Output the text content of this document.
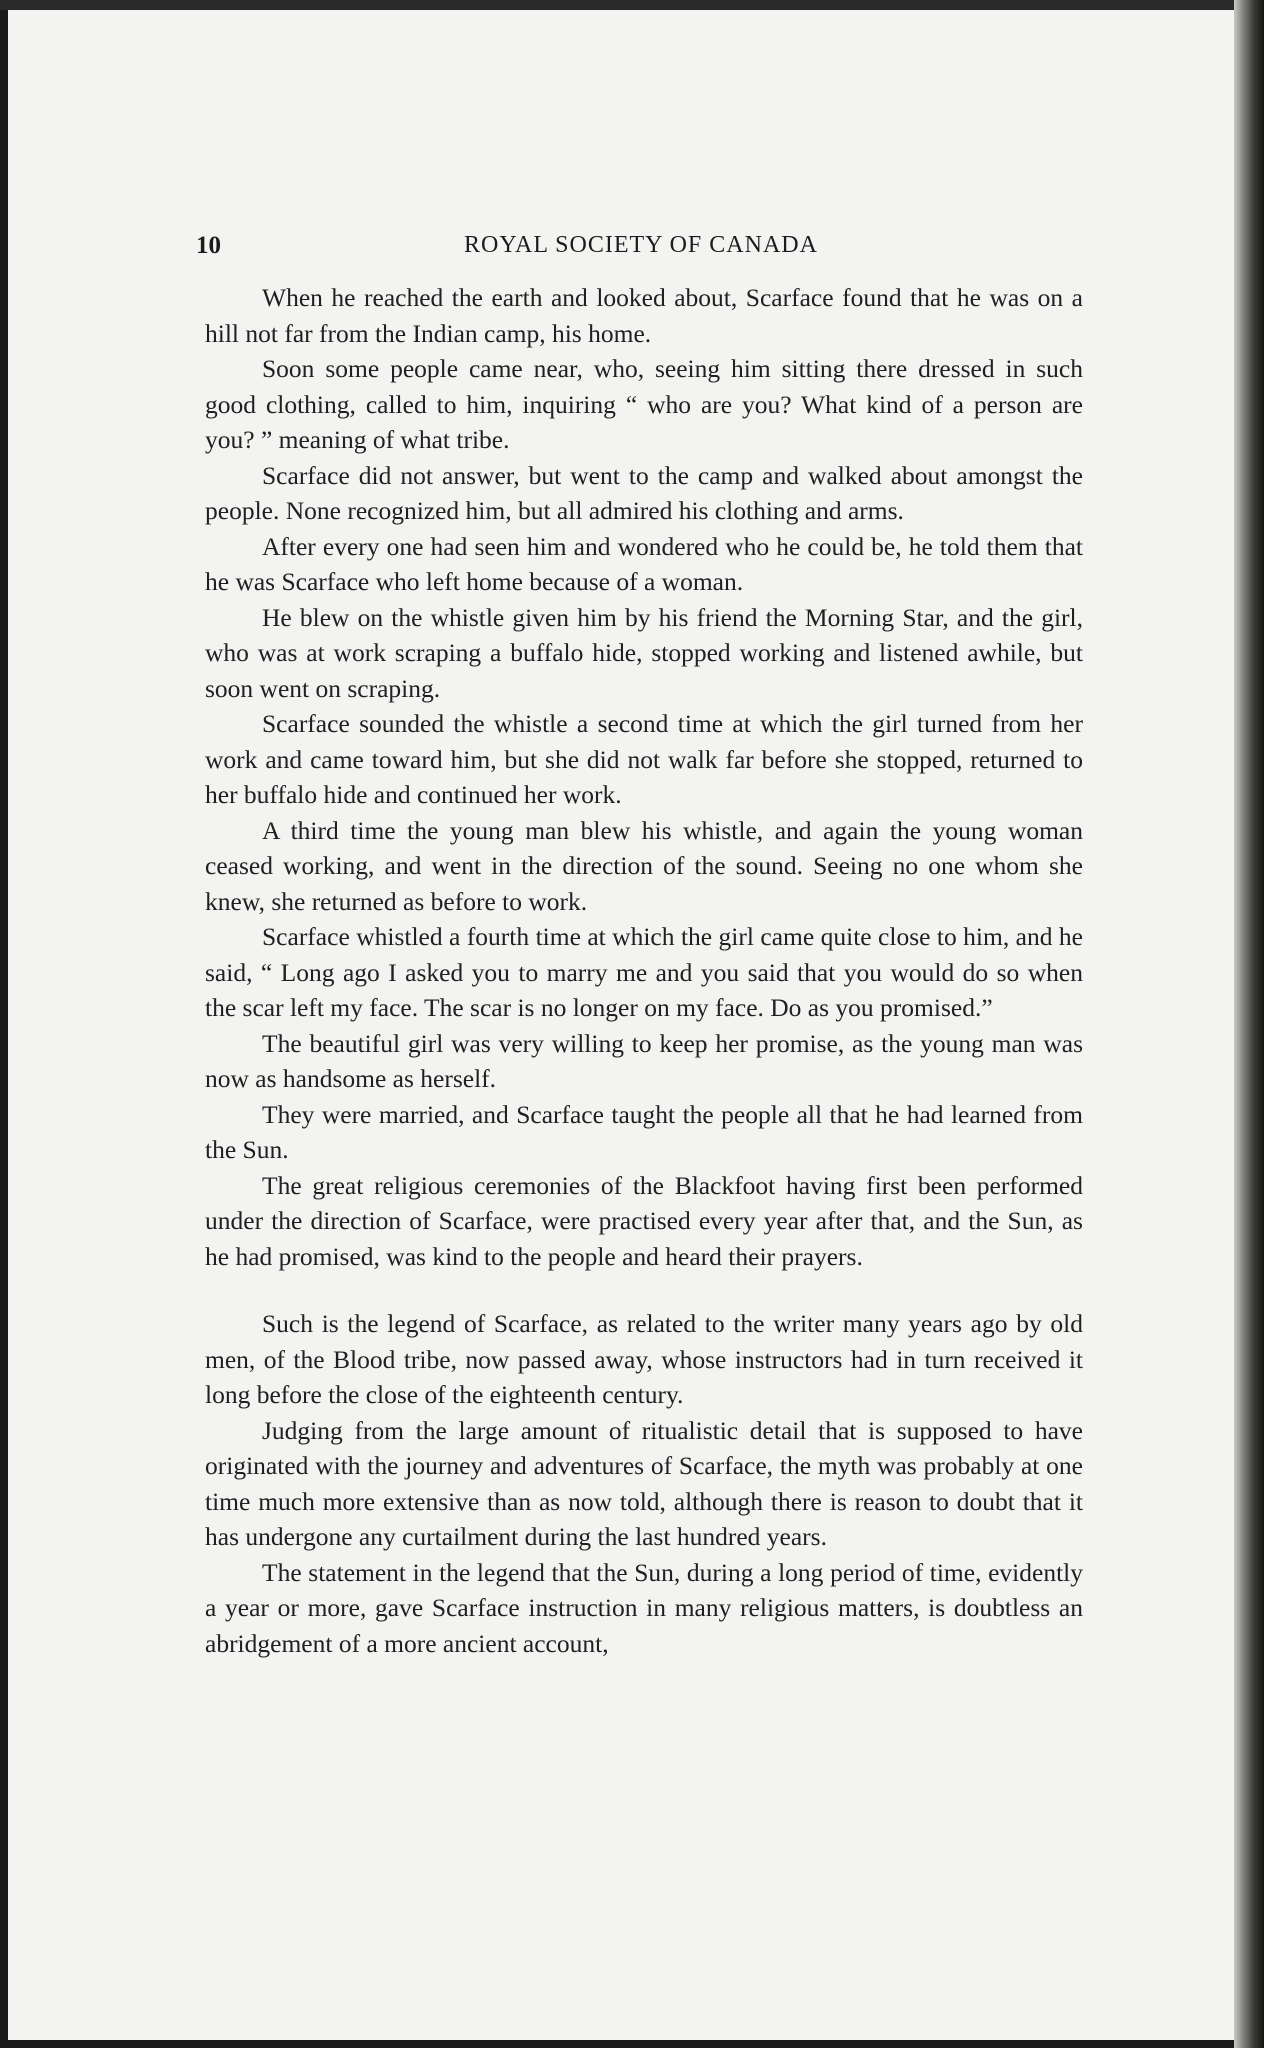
10	ROYAL SOCIETY OF CANADA

When he reached the earth and looked about, Scarface found that he was on a hill not far from the Indian camp, his home.

Soon some people came near, who, seeing him sitting there dressed in such good clothing, called to him, inquiring “ who are you? What kind of a person are you? ” meaning of what tribe.

Scarface did not answer, but went to the camp and walked about amongst the people. None recognized him, but all admired his clothing and arms.

After every one had seen him and wondered who he could be, he told them that he was Scarface who left home because of a woman.

He blew on the whistle given him by his friend the Morning Star, and the girl, who was at work scraping a buffalo hide, stopped working and listened awhile, but soon went on scraping.

Scarface sounded the whistle a second time at which the girl turned from her work and came toward him, but she did not walk far before she stopped, returned to her buffalo hide and continued her work.

A third time the young man blew his whistle, and again the young woman ceased working, and went in the direction of the sound. Seeing no one whom she knew, she returned as before to work.

Scarface whistled a fourth time at which the girl came quite close to him, and he said, “ Long ago I asked you to marry me and you said that you would do so when the scar left my face. The scar is no longer on my face. Do as you promised.”

The beautiful girl was very willing to keep her promise, as the young man was now as handsome as herself.

They were married, and Scarface taught the people all that he had learned from the Sun.

The great religious ceremonies of the Blackfoot having first been performed under the direction of Scarface, were practised every year after that, and the Sun, as he had promised, was kind to the people and heard their prayers.

Such is the legend of Scarface, as related to the writer many years ago by old men, of the Blood tribe, now passed away, whose instructors had in turn received it long before the close of the eighteenth century.

Judging from the large amount of ritualistic detail that is supposed to have originated with the journey and adventures of Scarface, the myth was probably at one time much more extensive than as now told, although there is reason to doubt that it has undergone any curtailment during the last hundred years.

The statement in the legend that the Sun, during a long period of time, evidently a year or more, gave Scarface instruction in many religious matters, is doubtless an abridgement of a more ancient account,
